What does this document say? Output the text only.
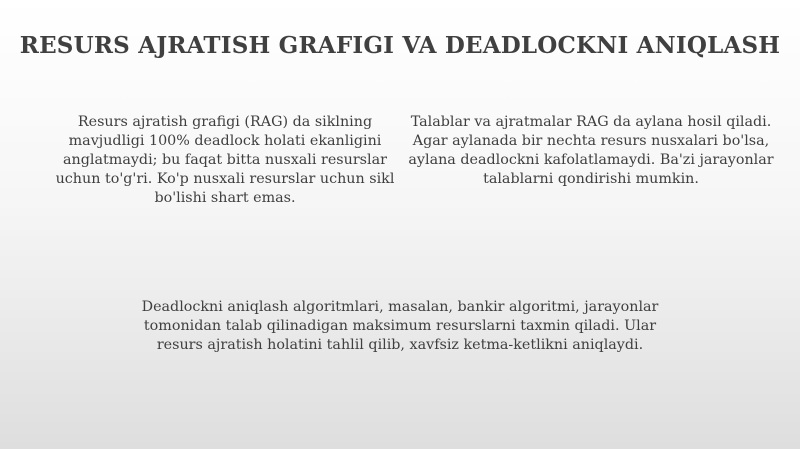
RESURS AJRATISH GRAFIGI VA DEADLOCKNI ANIQLASH
Resurs ajratish grafigi (RAG) da siklning mavjudligi 100% deadlock holati ekanligini anglatmaydi; bu faqat bitta nusxali resurslar uchun to'g'ri. Ko'p nusxali resurslar uchun sikl bo'lishi shart emas.
Talablar va ajratmalar RAG da aylana hosil qiladi. Agar aylanada bir nechta resurs nusxalari bo'lsa, aylana deadlockni kafolatlamaydi. Ba'zi jarayonlar talablarni qondirishi mumkin.
Deadlockni aniqlash algoritmlari, masalan, bankir algoritmi, jarayonlar tomonidan talab qilinadigan maksimum resurslarni taxmin qiladi. Ular resurs ajratish holatini tahlil qilib, xavfsiz ketma-ketlikni aniqlaydi.
